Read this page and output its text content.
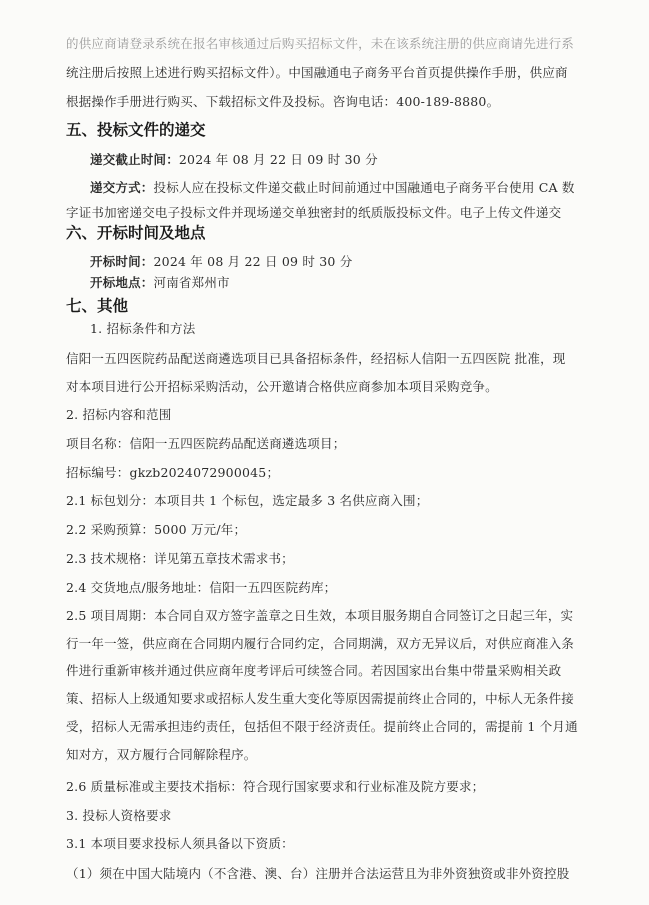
的供应商请登录系统在报名审核通过后购买招标文件，未在该系统注册的供应商请先进行系
统注册后按照上述进行购买招标文件）。中国融通电子商务平台首页提供操作手册，供应商
根据操作手册进行购买、下载招标文件及投标。咨询电话：400-189-8880。
五、投标文件的递交
递交截止时间：2024 年 08 月 22 日 09 时 30 分
递交方式：投标人应在投标文件递交截止时间前通过中国融通电子商务平台使用 CA 数
字证书加密递交电子投标文件并现场递交单独密封的纸质版投标文件。电子上传文件递交
六、开标时间及地点
开标时间：2024 年 08 月 22 日 09 时 30 分
开标地点：河南省郑州市
七、其他
1. 招标条件和方法
信阳一五四医院药品配送商遴选项目已具备招标条件，经招标人信阳一五四医院 批准，现
对本项目进行公开招标采购活动，公开邀请合格供应商参加本项目采购竞争。
2. 招标内容和范围
项目名称：信阳一五四医院药品配送商遴选项目；
招标编号：gkzb2024072900045；
2.1 标包划分：本项目共 1 个标包，选定最多 3 名供应商入围；
2.2 采购预算：5000 万元/年；
2.3 技术规格：详见第五章技术需求书；
2.4 交货地点/服务地址：信阳一五四医院药库；
2.5 项目周期：本合同自双方签字盖章之日生效，本项目服务期自合同签订之日起三年，实
行一年一签，供应商在合同期内履行合同约定，合同期满，双方无异议后，对供应商准入条
件进行重新审核并通过供应商年度考评后可续签合同。若因国家出台集中带量采购相关政
策、招标人上级通知要求或招标人发生重大变化等原因需提前终止合同的，中标人无条件接
受，招标人无需承担违约责任，包括但不限于经济责任。提前终止合同的，需提前 1 个月通
知对方，双方履行合同解除程序。
2.6 质量标准或主要技术指标：符合现行国家要求和行业标准及院方要求；
3. 投标人资格要求
3.1 本项目要求投标人须具备以下资质：
（1）须在中国大陆境内（不含港、澳、台）注册并合法运营且为非外资独资或非外资控股
